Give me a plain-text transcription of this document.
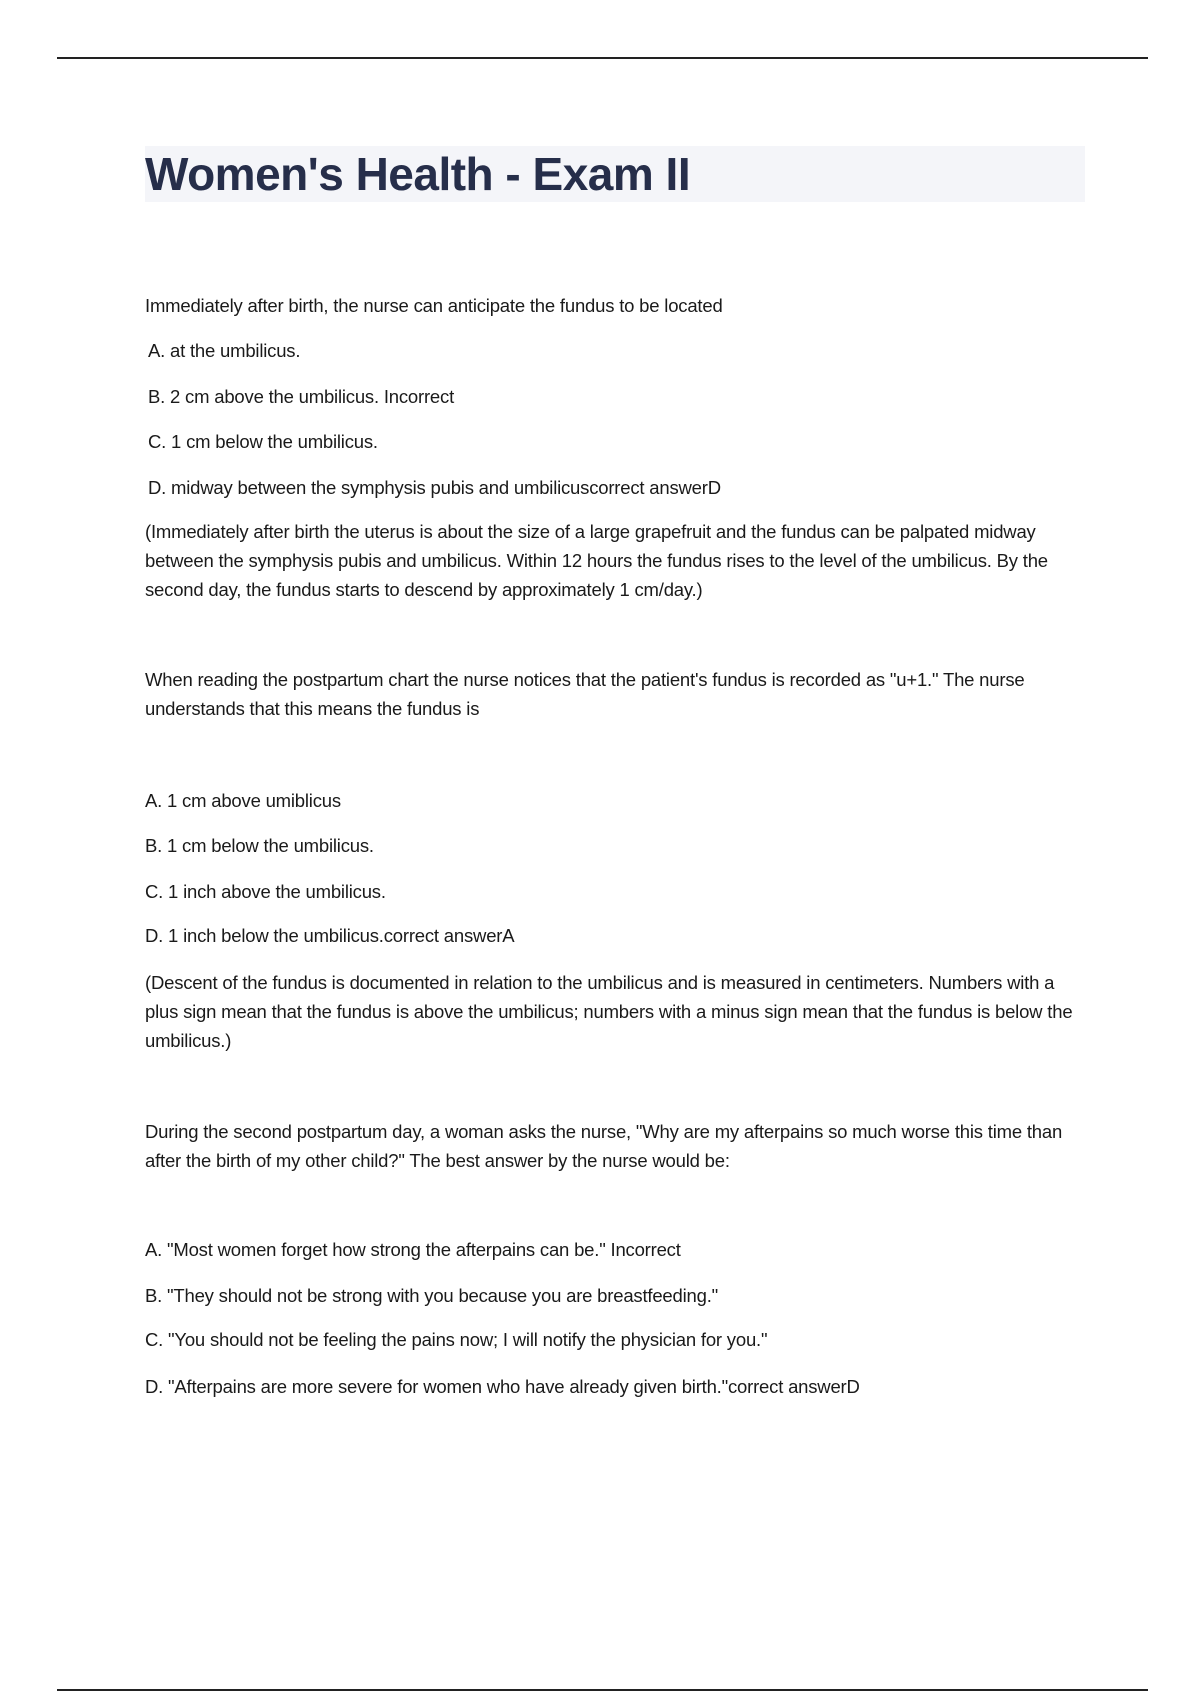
Women's Health - Exam II
Immediately after birth, the nurse can anticipate the fundus to be located
A. at the umbilicus.
B. 2 cm above the umbilicus. Incorrect
C. 1 cm below the umbilicus.
D. midway between the symphysis pubis and umbilicuscorrect answerD
(Immediately after birth the uterus is about the size of a large grapefruit and the fundus can be palpated midway between the symphysis pubis and umbilicus. Within 12 hours the fundus rises to the level of the umbilicus. By the second day, the fundus starts to descend by approximately 1 cm/day.)
When reading the postpartum chart the nurse notices that the patient's fundus is recorded as "u+1." The nurse understands that this means the fundus is
A. 1 cm above umiblicus
B. 1 cm below the umbilicus.
C. 1 inch above the umbilicus.
D. 1 inch below the umbilicus.correct answerA
(Descent of the fundus is documented in relation to the umbilicus and is measured in centimeters. Numbers with a plus sign mean that the fundus is above the umbilicus; numbers with a minus sign mean that the fundus is below the umbilicus.)
During the second postpartum day, a woman asks the nurse, "Why are my afterpains so much worse this time than after the birth of my other child?" The best answer by the nurse would be:
A. "Most women forget how strong the afterpains can be." Incorrect
B. "They should not be strong with you because you are breastfeeding."
C. "You should not be feeling the pains now; I will notify the physician for you."
D. "Afterpains are more severe for women who have already given birth."correct answerD
